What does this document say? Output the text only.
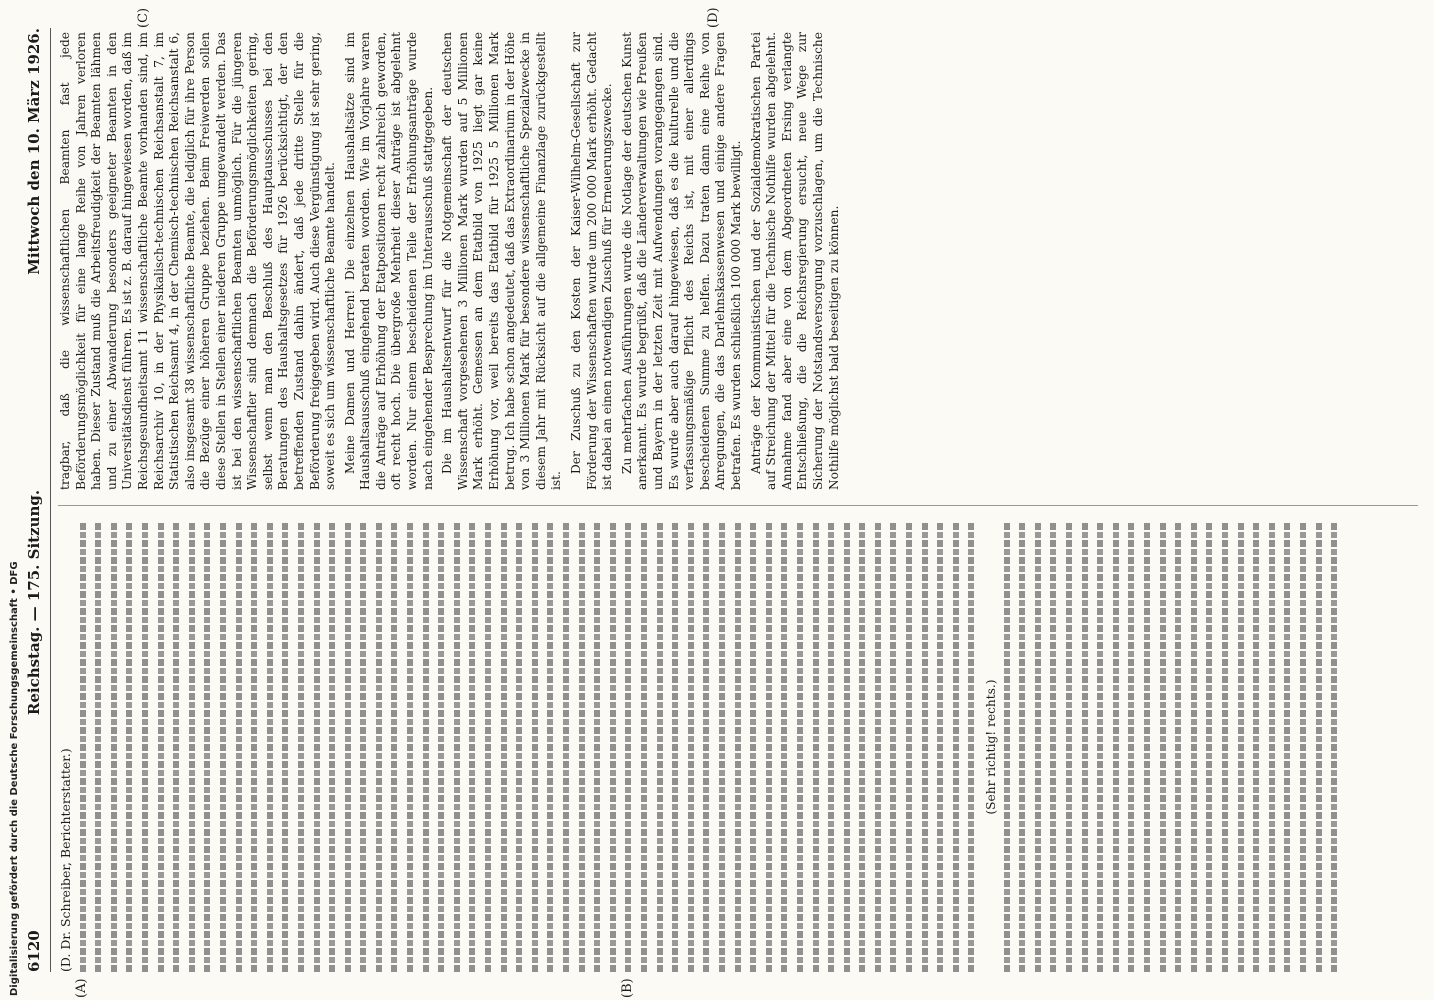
6120
Reichstag. — 175. Sitzung.
Mittwoch den 10. März 1926.

(D. Dr. Schreiber, Berichterstatter.)

(Sehr richtig! rechts.)

(A)	(B)

tragbar, daß die wissenschaftlichen Beamten fast jede Beförderungsmöglichkeit für eine lange Reihe von Jahren verloren haben. Dieser Zustand muß die Arbeitsfreudigkeit der Beamten lähmen und zu einer Abwanderung besonders geeigneter Beamten in den Universitätsdienst führen. Es ist z. B. darauf hingewiesen worden, daß im Reichsgesundheitsamt 11 wissenschaftliche Beamte vorhanden sind, im Reichsarchiv 10, in der Physikalisch-technischen Reichsanstalt 7, im Statistischen Reichsamt 4, in der Chemisch-technischen Reichsanstalt 6, also insgesamt 38 wissenschaftliche Beamte, die lediglich für ihre Person die Bezüge einer höheren Gruppe beziehen. Beim Freiwerden sollen diese Stellen in Stellen einer niederen Gruppe umgewandelt werden. Das ist bei den wissenschaftlichen Beamten unmöglich. Für die jüngeren Wissenschaftler sind demnach die Beförderungsmöglichkeiten gering, selbst wenn man den Beschluß des Hauptausschusses bei den Beratungen des Haushaltsgesetzes für 1926 berücksichtigt, der den betreffenden Zustand dahin ändert, daß jede dritte Stelle für die Beförderung freigegeben wird. Auch diese Vergünstigung ist sehr gering, soweit es sich um wissenschaftliche Beamte handelt. Meine Damen und Herren! Die einzelnen Haushaltsätze sind im Haushaltsausschuß eingehend beraten worden. Wie im Vorjahre waren die Anträge auf Erhöhung der Etatpositionen recht zahlreich geworden, oft recht hoch. Die übergroße Mehrheit dieser Anträge ist abgelehnt worden. Nur einem bescheidenen Teile der Erhöhungsanträge wurde nach eingehender Besprechung im Unterausschuß stattgegeben. Die im Haushaltsentwurf für die Notgemeinschaft der deutschen Wissenschaft vorgesehenen 3 Millionen Mark wurden auf 5 Millionen Mark erhöht. Gemessen an dem Etatbild von 1925 liegt gar keine Erhöhung vor, weil bereits das Etatbild für 1925 5 Millionen Mark betrug. Ich habe schon angedeutet, daß das Extraordinarium in der Höhe von 3 Millionen Mark für besondere wissenschaftliche Spezialzwecke in diesem Jahr mit Rücksicht auf die allgemeine Finanzlage zurückgestellt ist.

Der Zuschuß zu den Kosten der Kaiser-Wilhelm-Gesellschaft zur Förderung der Wissenschaften wurde um 200 000 Mark erhöht. Gedacht ist dabei an einen notwendigen Zuschuß für Erneuerungszwecke. Zu mehrfachen Ausführungen wurde die Notlage der deutschen Kunst anerkannt. Es wurde begrüßt, daß die Länderverwaltungen wie Preußen und Bayern in der letzten Zeit mit Aufwendungen vorangegangen sind. Es wurde aber auch darauf hingewiesen, daß es die kulturelle und die verfassungsmäßige Pflicht des Reichs ist, mit einer allerdings bescheidenen Summe zu helfen. Dazu traten dann eine Reihe von Anregungen, die das Darlehnskassenwesen und einige andere Fragen betrafen. Es wurden schließlich 100 000 Mark bewilligt. Anträge der Kommunistischen und der Sozialdemokratischen Partei auf Streichung der Mittel für die Technische Nothilfe wurden abgelehnt. Annahme fand aber eine von dem Abgeordneten Ersing verlangte Entschließung, die die Reichsregierung ersucht, neue Wege zur Sicherung der Notstandsversorgung vorzuschlagen, um die Technische Nothilfe möglichst bald beseitigen zu können.

(C)	(D)
Digitalisierung gefördert durch die Deutsche Forschungsgemeinschaft • DFG
